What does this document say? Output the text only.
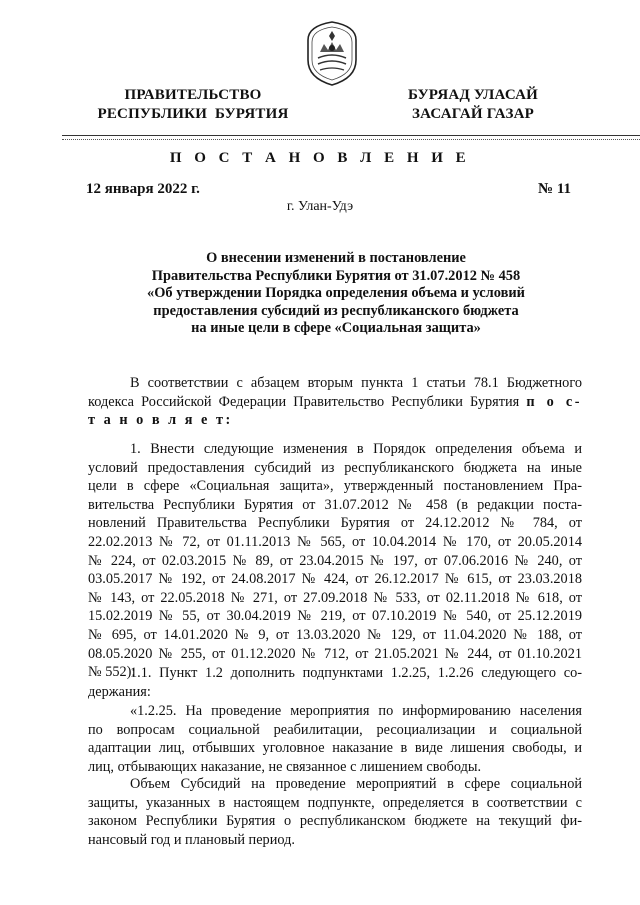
ПРАВИТЕЛЬСТВО
РЕСПУБЛИКИ  БУРЯТИЯ
БУРЯАД УЛАСАЙ
ЗАСАГАЙ ГАЗАР
П О С Т А Н О В Л Е Н И Е
12 января 2022 г.	№ 11
г. Улан-Удэ
О внесении изменений в постановление
Правительства Республики Бурятия от 31.07.2012 № 458
«Об утверждении Порядка определения объема и условий
предоставления субсидий из республиканского бюджета
на иные цели в сфере «Социальная защита»
В соответствии с абзацем вторым пункта 1 статьи 78.1 Бюджетного
кодекса Российской Федерации Правительство Республики Бурятия п о с-
т а н о в л я е т:
1. Внести следующие изменения в Порядок определения объема и
условий предоставления субсидий из республиканского бюджета на иные
цели в сфере «Социальная защита», утвержденный постановлением Пра-
вительства Республики Бурятия от 31.07.2012 № 458 (в редакции поста-
новлений Правительства Республики Бурятия от 24.12.2012 № 784, от
22.02.2013 № 72, от 01.11.2013 № 565, от 10.04.2014 № 170, от 20.05.2014
№ 224, от 02.03.2015 № 89, от 23.04.2015 № 197, от 07.06.2016 № 240, от
03.05.2017 № 192, от 24.08.2017 № 424, от 26.12.2017 № 615, от 23.03.2018
№ 143, от 22.05.2018 № 271, от 27.09.2018 № 533, от 02.11.2018 № 618, от
15.02.2019 № 55, от 30.04.2019 № 219, от 07.10.2019 № 540, от 25.12.2019
№ 695, от 14.01.2020 № 9, от 13.03.2020 № 129, от 11.04.2020 № 188, от
08.05.2020 № 255, от 01.12.2020 № 712, от 21.05.2021 № 244, от 01.10.2021
№ 552):
1.1. Пункт 1.2 дополнить подпунктами 1.2.25, 1.2.26 следующего со-
держания:
«1.2.25. На проведение мероприятия по информированию населения
по вопросам социальной реабилитации, ресоциализации и социальной
адаптации лиц, отбывших уголовное наказание в виде лишения свободы, и
лиц, отбывающих наказание, не связанное с лишением свободы.
Объем Субсидий на проведение мероприятий в сфере социальной
защиты, указанных в настоящем подпункте, определяется в соответствии с
законом Республики Бурятия о республиканском бюджете на текущий фи-
нансовый год и плановый период.
